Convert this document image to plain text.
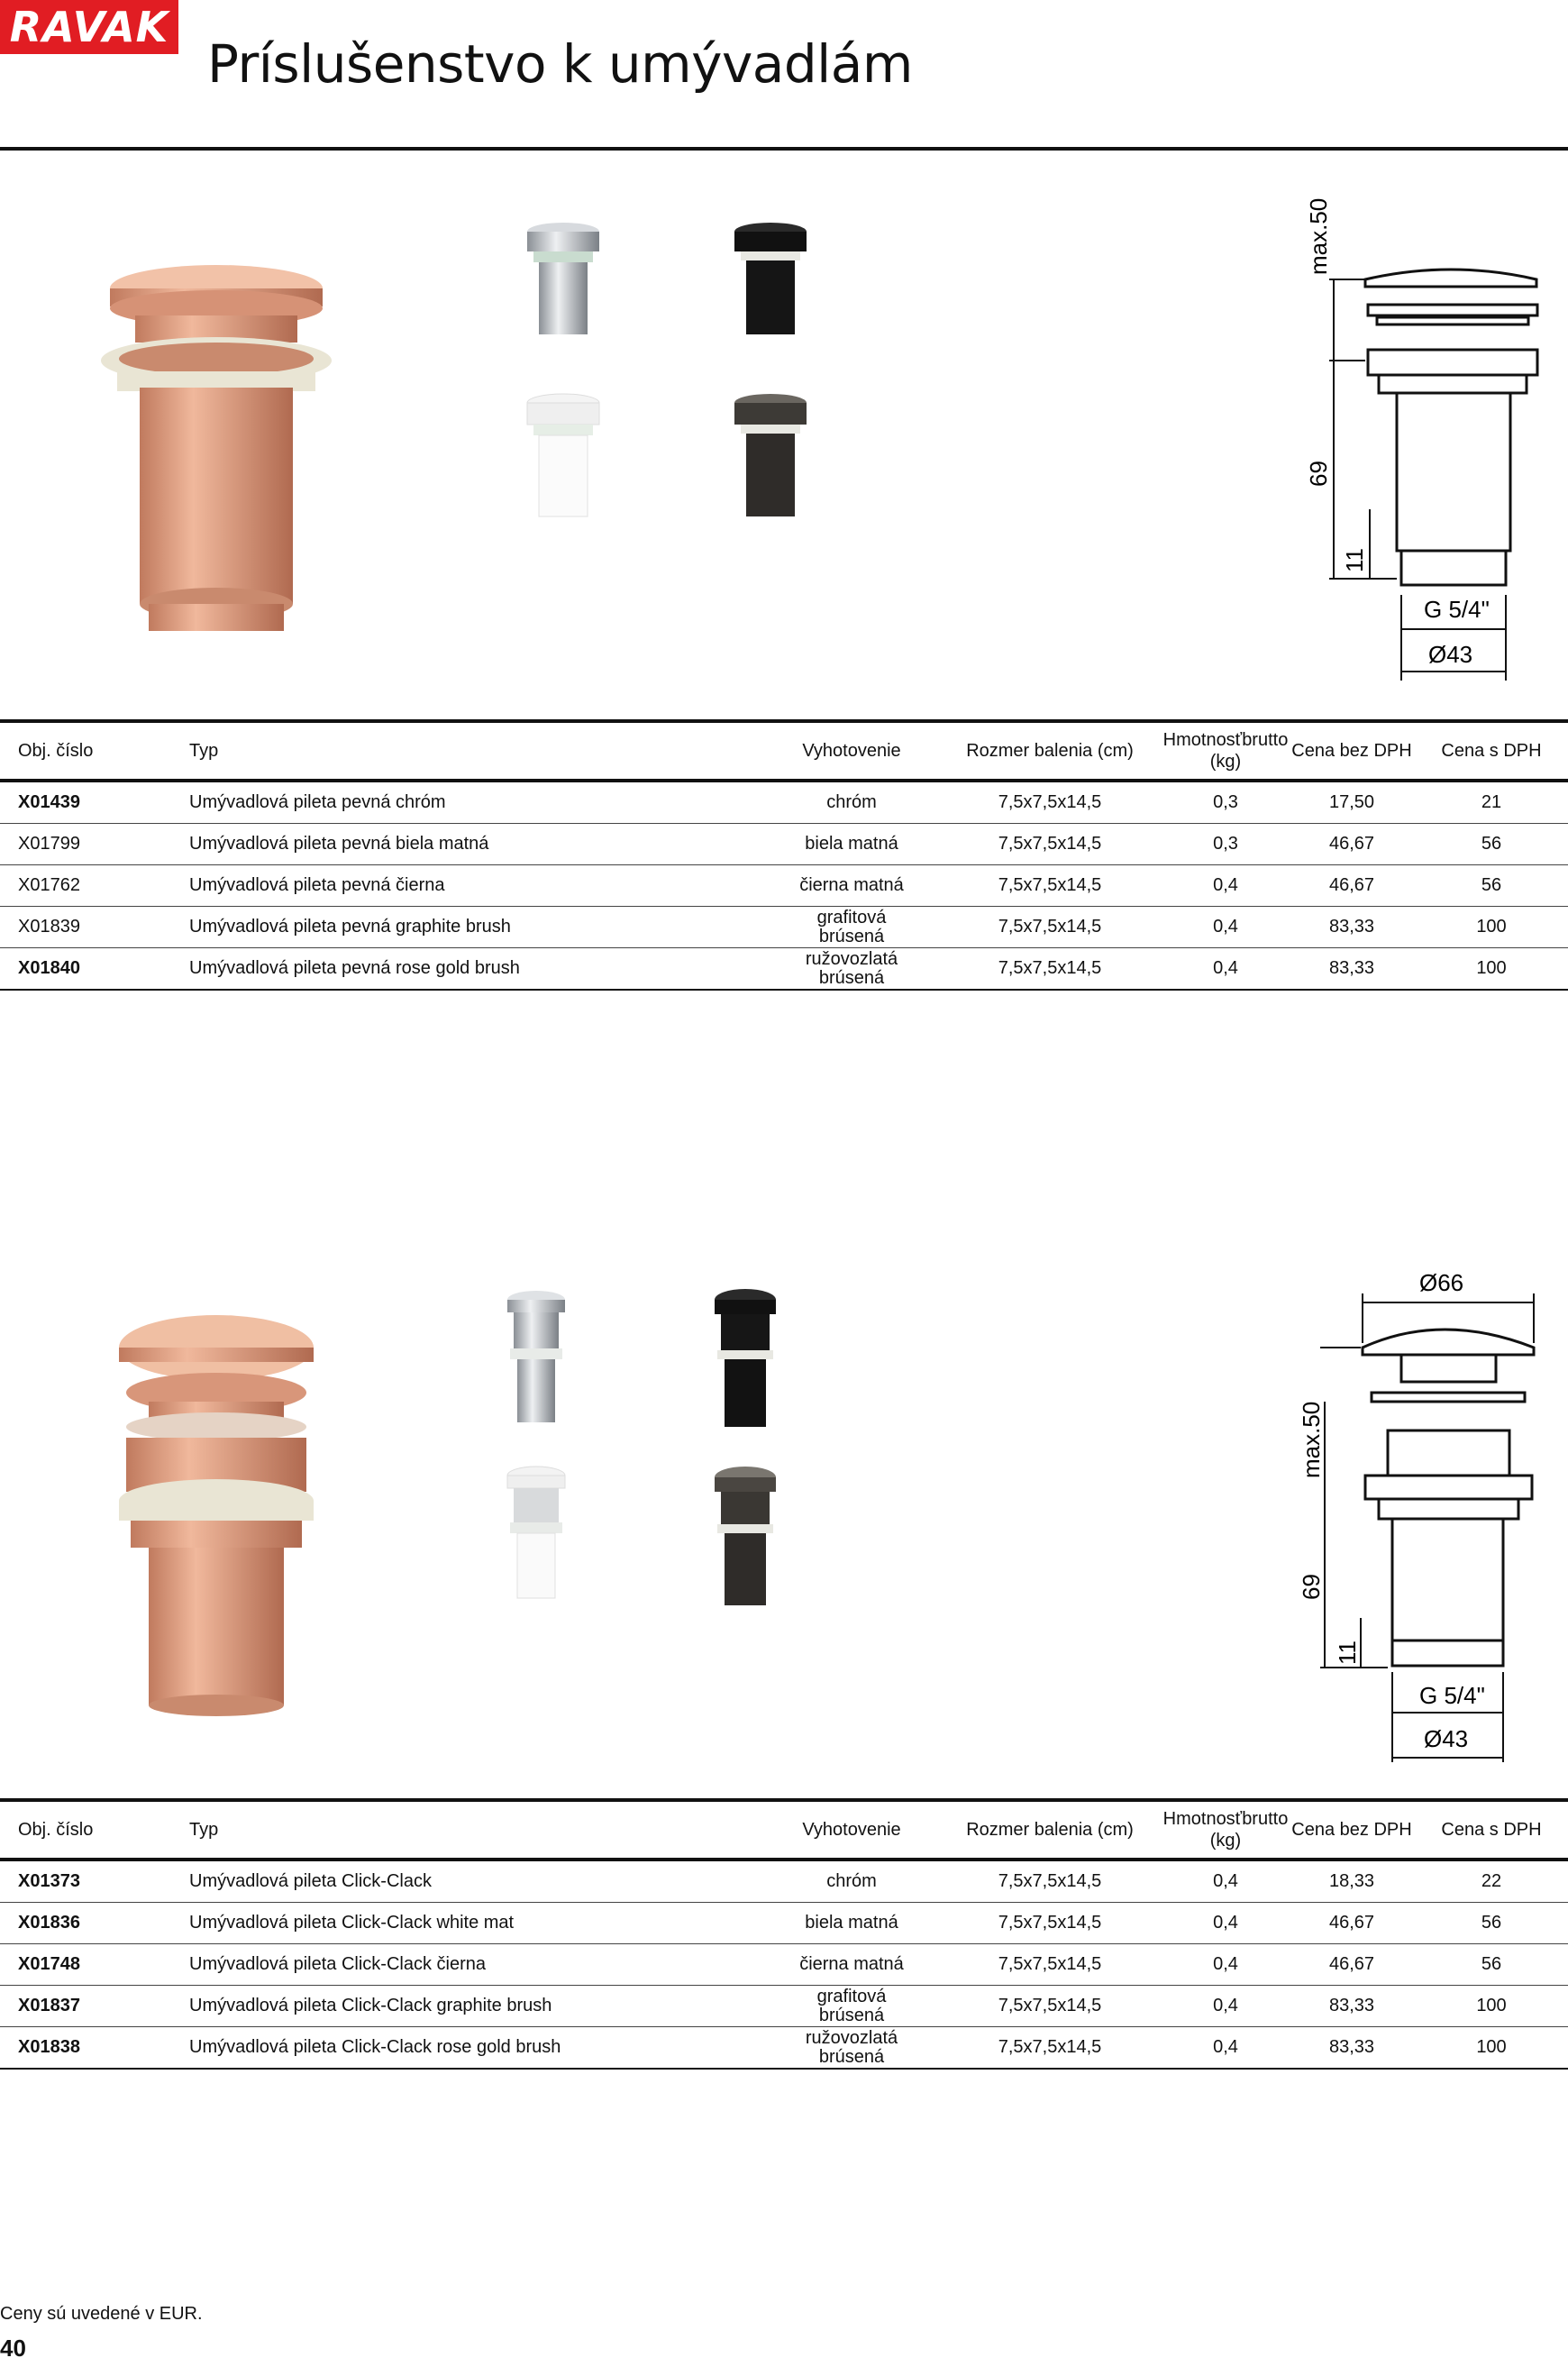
RAVAK
Príslušenstvo k umývadlám
max.50
69
11
G 5/4"
Ø43
Obj. číslo	Typ	Vyhotovenie	Rozmer balenia (cm)	Hmotnosťbrutto (kg)	Cena bez DPH	Cena s DPH
X01439	Umývadlová pileta pevná chróm	chróm	7,5x7,5x14,5	0,3	17,50	21
X01799	Umývadlová pileta pevná biela matná	biela matná	7,5x7,5x14,5	0,3	46,67	56
X01762	Umývadlová pileta pevná čierna	čierna matná	7,5x7,5x14,5	0,4	46,67	56
X01839	Umývadlová pileta pevná graphite brush	grafitová
brúsená	7,5x7,5x14,5	0,4	83,33	100
X01840	Umývadlová pileta pevná rose gold brush	ružovozlatá
brúsená	7,5x7,5x14,5	0,4	83,33	100
Ø66
max.50
69
11
G 5/4"
Ø43
Obj. číslo	Typ	Vyhotovenie	Rozmer balenia (cm)	Hmotnosťbrutto (kg)	Cena bez DPH	Cena s DPH
X01373	Umývadlová pileta Click-Clack	chróm	7,5x7,5x14,5	0,4	18,33	22
X01836	Umývadlová pileta Click-Clack white mat	biela matná	7,5x7,5x14,5	0,4	46,67	56
X01748	Umývadlová pileta Click-Clack čierna	čierna matná	7,5x7,5x14,5	0,4	46,67	56
X01837	Umývadlová pileta Click-Clack graphite brush	grafitová
brúsená	7,5x7,5x14,5	0,4	83,33	100
X01838	Umývadlová pileta Click-Clack rose gold brush	ružovozlatá
brúsená	7,5x7,5x14,5	0,4	83,33	100
Ceny sú uvedené v EUR.
40
